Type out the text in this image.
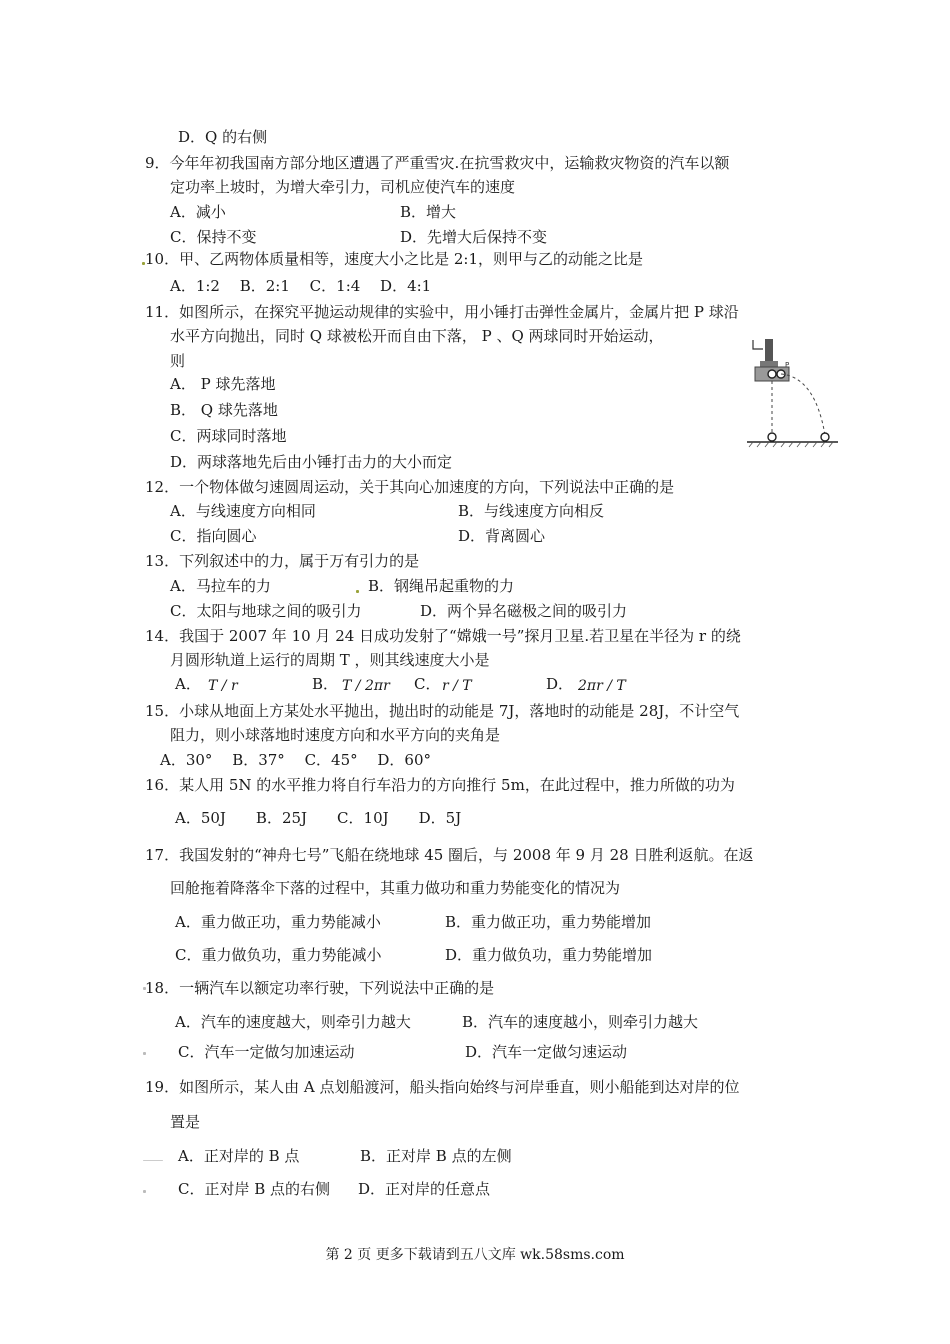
D．Q 的右侧
9．今年年初我国南方部分地区遭遇了严重雪灾.在抗雪救灾中，运输救灾物资的汽车以额
定功率上坡时，为增大牵引力，司机应使汽车的速度
A．减小	B．增大
C．保持不变	D．先增大后保持不变
10．甲、乙两物体质量相等，速度大小之比是 2:1，则甲与乙的动能之比是
A．1:2　 B．2:1　 C．1:4　 D．4:1
11．如图所示，在探究平抛运动规律的实验中，用小锤打击弹性金属片，金属片把 P 球沿
水平方向抛出，同时 Q 球被松开而自由下落， P 、Q 两球同时开始运动，
则
A． P 球先落地
B． Q 球先落地
C．两球同时落地
D．两球落地先后由小锤打击力的大小而定
P
12．一个物体做匀速圆周运动，关于其向心加速度的方向，下列说法中正确的是
A．与线速度方向相同	B．与线速度方向相反
C．指向圆心	D．背离圆心
13．下列叙述中的力，属于万有引力的是
A．马拉车的力	B．钢绳吊起重物的力
C．太阳与地球之间的吸引力	D．两个异名磁极之间的吸引力
14．我国于 2007 年 10 月 24 日成功发射了“嫦娥一号”探月卫星.若卫星在半径为 r 的绕
月圆形轨道上运行的周期 T ，则其线速度大小是
A． T / r	B． T / 2πr C． r / T	D． 2πr / T
15．小球从地面上方某处水平抛出，抛出时的动能是 7J，落地时的动能是 28J，不计空气
阻力，则小球落地时速度方向和水平方向的夹角是
A．30°　 B．37°　 C．45°　 D．60°
16．某人用 5N 的水平推力将自行车沿力的方向推行 5m，在此过程中，推力所做的功为
A．50J　　B．25J　　C．10J　　D．5J
17．我国发射的“神舟七号”飞船在绕地球 45 圈后，与 2008 年 9 月 28 日胜利返航。在返
回舱拖着降落伞下落的过程中，其重力做功和重力势能变化的情况为
A．重力做正功，重力势能减小	B．重力做正功，重力势能增加
C．重力做负功，重力势能减小	D．重力做负功，重力势能增加
18．一辆汽车以额定功率行驶，下列说法中正确的是
A．汽车的速度越大，则牵引力越大	B．汽车的速度越小，则牵引力越大
C．汽车一定做匀加速运动	D．汽车一定做匀速运动
19．如图所示，某人由 A 点划船渡河，船头指向始终与河岸垂直，则小船能到达对岸的位
置是
A．正对岸的 B 点	B．正对岸 B 点的左侧
C．正对岸 B 点的右侧 D．正对岸的任意点
第 2 页 更多下载请到五八文库 wk.58sms.com
